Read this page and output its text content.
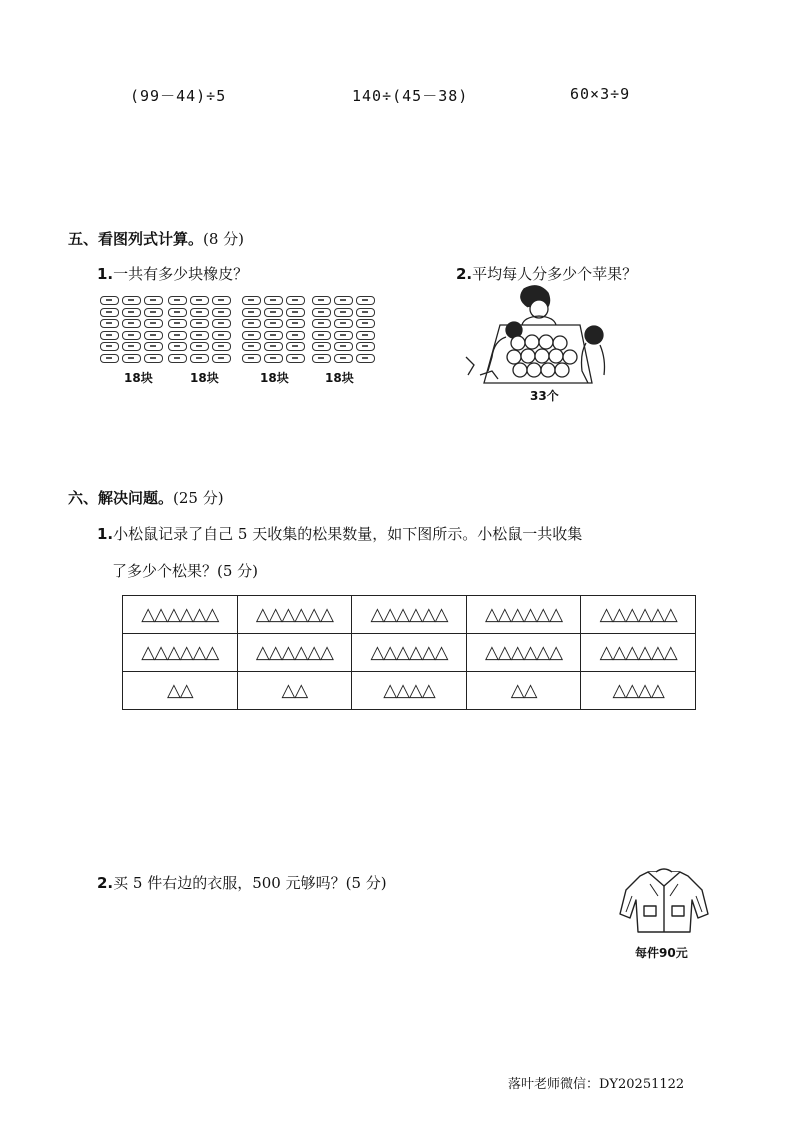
(99－44)÷5	140÷(45－38)	60×3÷9
五、看图列式计算。(8 分)
1.一共有多少块橡皮？	2.平均每人分多少个苹果？
18块	18块	18块	18块
33个
六、解决问题。(25 分)
1.小松鼠记录了自己 5 天收集的松果数量，如下图所示。小松鼠一共收集
了多少个松果？(5 分)
△△△△△△	△△△△△△	△△△△△△	△△△△△△	△△△△△△
△△△△△△	△△△△△△	△△△△△△	△△△△△△	△△△△△△
△△	△△	△△△△	△△	△△△△
2.买 5 件右边的衣服，500 元够吗？(5 分)
每件90元
落叶老师微信：DY20251122
